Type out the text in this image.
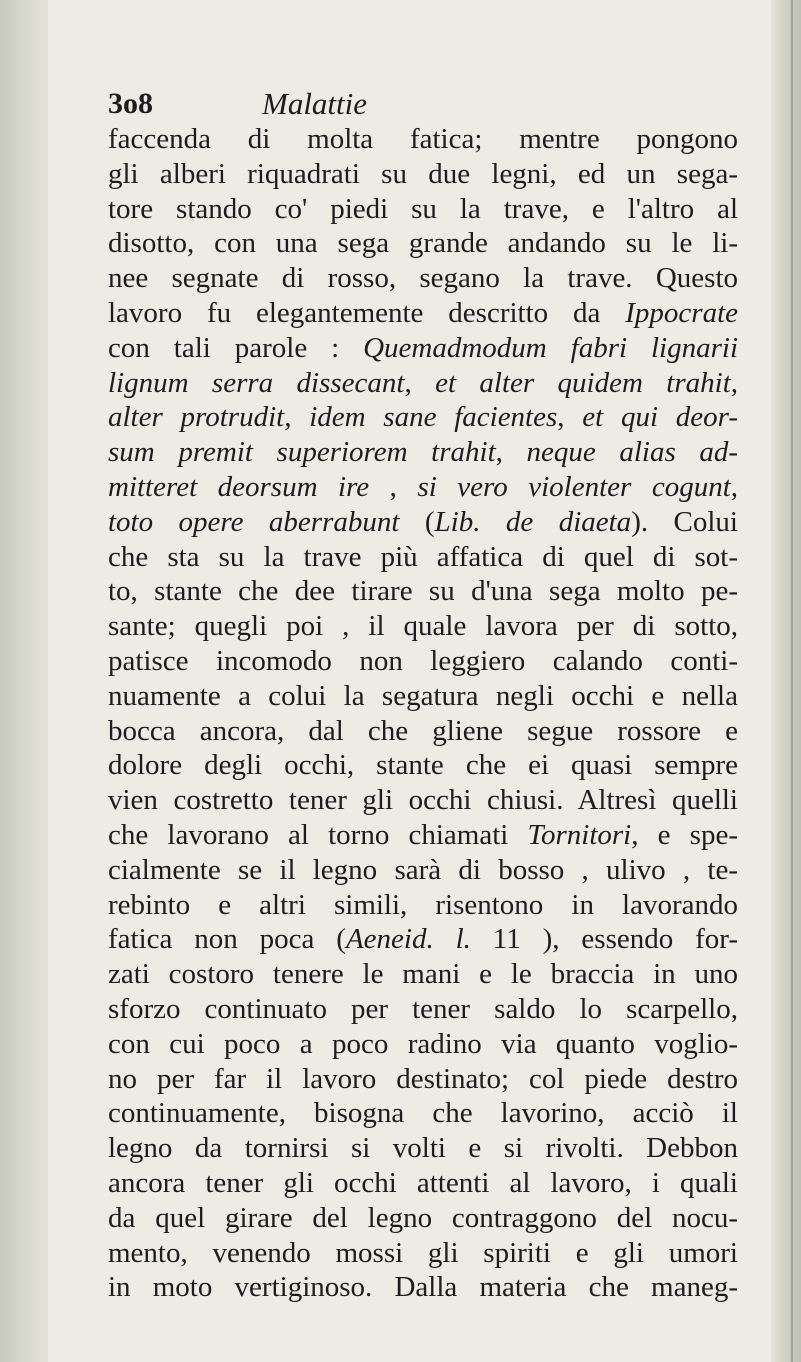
3o8	Malattie
faccenda di molta fatica; mentre pongono
gli alberi riquadrati su due legni, ed un sega-
tore stando co' piedi su la trave, e l'altro al
disotto, con una sega grande andando su le li-
nee segnate di rosso, segano la trave. Questo
lavoro fu elegantemente descritto da Ippocrate
con tali parole : Quemadmodum fabri lignarii
lignum serra dissecant, et alter quidem trahit,
alter protrudit, idem sane facientes, et qui deor-
sum premit superiorem trahit, neque alias ad-
mitteret deorsum ire , si vero violenter cogunt,
toto opere aberrabunt (Lib. de diaeta). Colui
che sta su la trave più affatica di quel di sot-
to, stante che dee tirare su d'una sega molto pe-
sante; quegli poi , il quale lavora per di sotto,
patisce incomodo non leggiero calando conti-
nuamente a colui la segatura negli occhi e nella
bocca ancora, dal che gliene segue rossore e
dolore degli occhi, stante che ei quasi sempre
vien costretto tener gli occhi chiusi. Altresì quelli
che lavorano al torno chiamati Tornitori, e spe-
cialmente se il legno sarà di bosso , ulivo , te-
rebinto e altri simili, risentono in lavorando
fatica non poca (Aeneid. l. 11 ), essendo for-
zati costoro tenere le mani e le braccia in uno
sforzo continuato per tener saldo lo scarpello,
con cui poco a poco radino via quanto voglio-
no per far il lavoro destinato; col piede destro
continuamente, bisogna che lavorino, acciò il
legno da tornirsi si volti e si rivolti. Debbon
ancora tener gli occhi attenti al lavoro, i quali
da quel girare del legno contraggono del nocu-
mento, venendo mossi gli spiriti e gli umori
in moto vertiginoso. Dalla materia che maneg-
